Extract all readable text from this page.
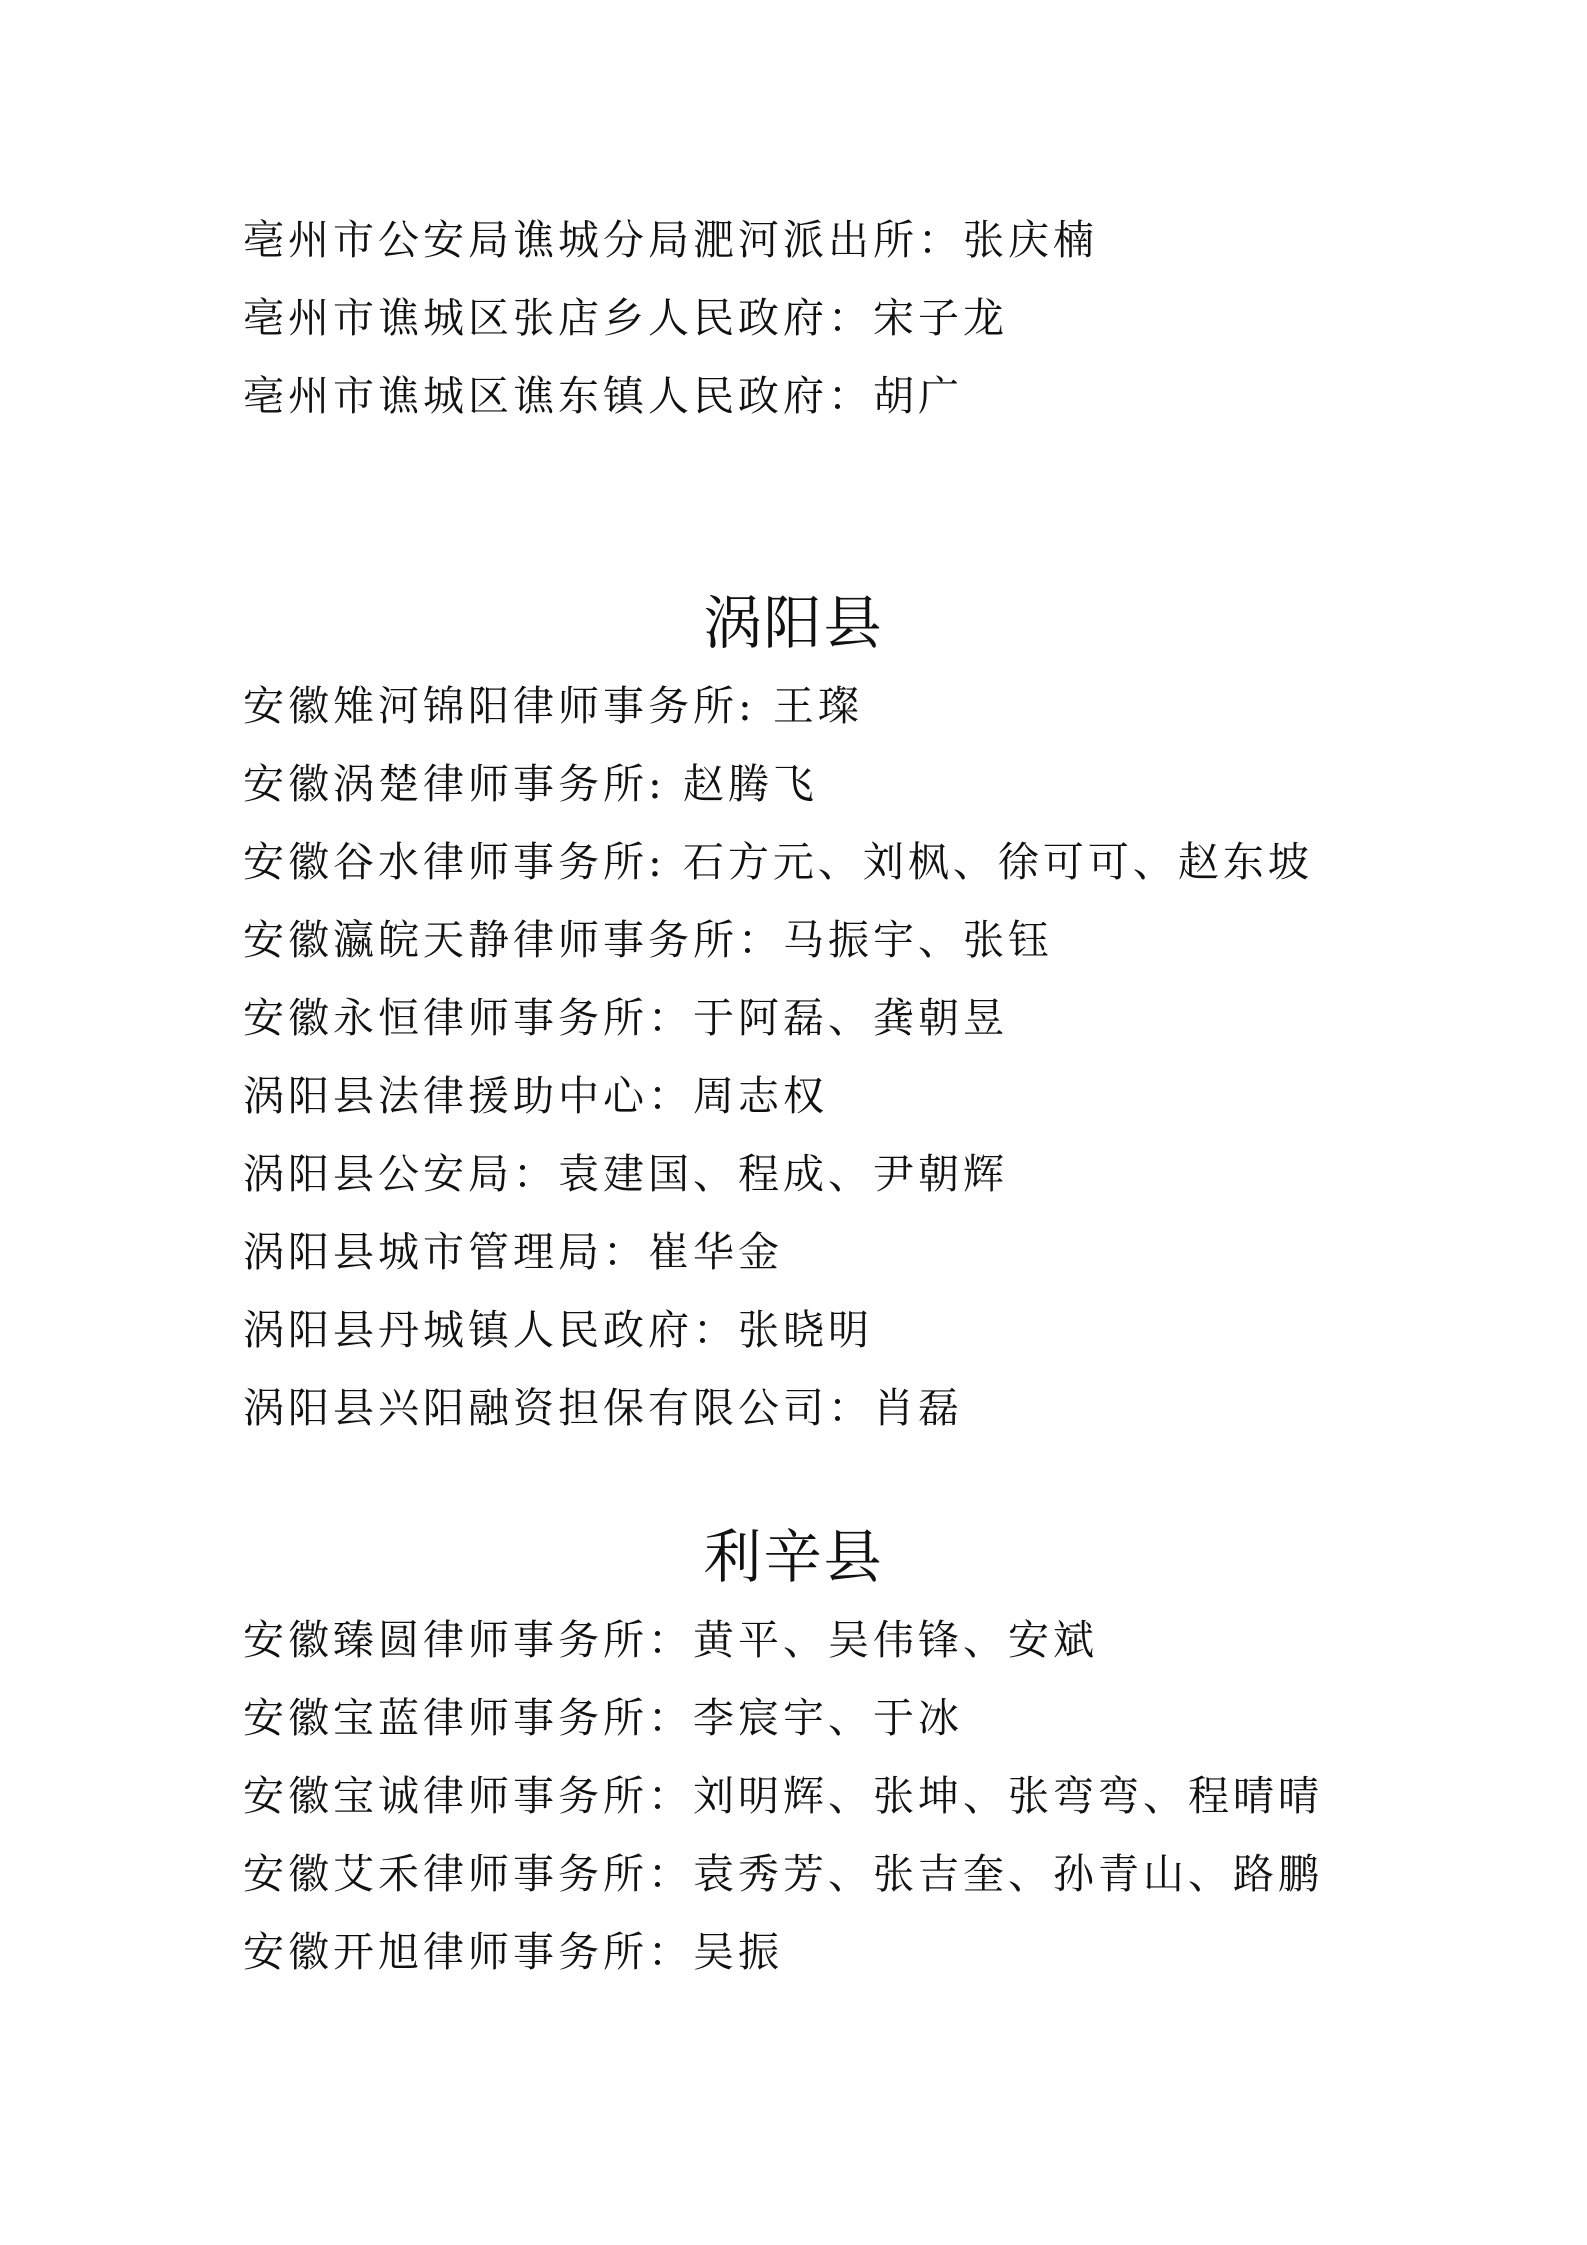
亳州市公安局谯城分局淝河派出所：张庆楠
亳州市谯城区张店乡人民政府：宋子龙
亳州市谯城区谯东镇人民政府：胡广
涡阳县
安徽雉河锦阳律师事务所: 王璨
安徽涡楚律师事务所: 赵腾飞
安徽谷水律师事务所: 石方元、刘枫、徐可可、赵东坡
安徽瀛皖天静律师事务所：马振宇、张钰
安徽永恒律师事务所：于阿磊、龚朝昱
涡阳县法律援助中心：周志权
涡阳县公安局：袁建国、程成、尹朝辉
涡阳县城市管理局：崔华金
涡阳县丹城镇人民政府：张晓明
涡阳县兴阳融资担保有限公司：肖磊
利辛县
安徽臻圆律师事务所：黄平、吴伟锋、安斌
安徽宝蓝律师事务所：李宸宇、于冰
安徽宝诚律师事务所：刘明辉、张坤、张弯弯、程晴晴
安徽艾禾律师事务所：袁秀芳、张吉奎、孙青山、路鹏
安徽开旭律师事务所：吴振
